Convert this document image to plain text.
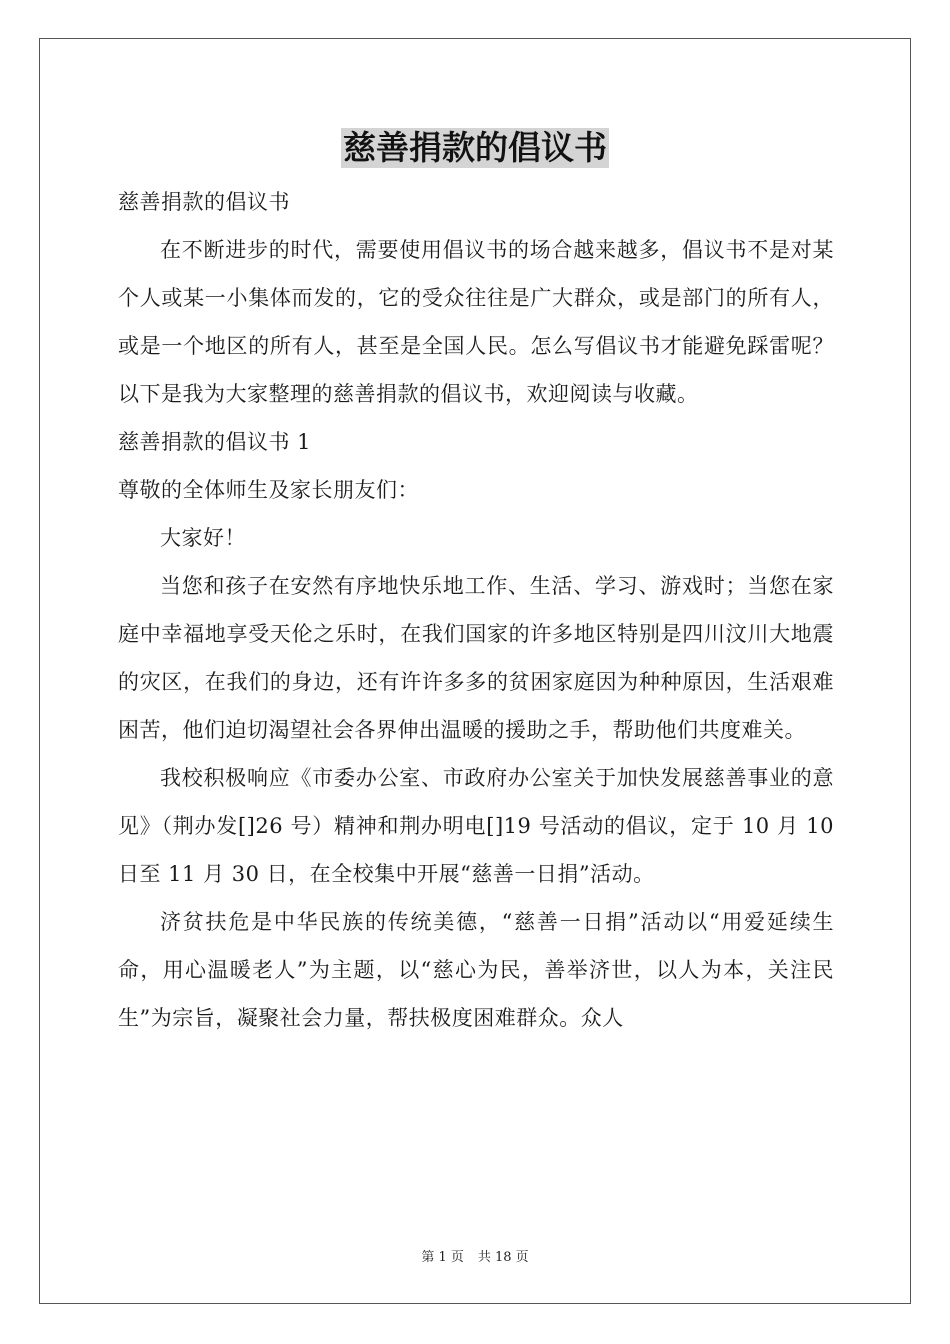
慈善捐款的倡议书

慈善捐款的倡议书

在不断进步的时代，需要使用倡议书的场合越来越多，倡议书不是对某个人或某一小集体而发的，它的受众往往是广大群众，或是部门的所有人，或是一个地区的所有人，甚至是全国人民。怎么写倡议书才能避免踩雷呢？以下是我为大家整理的慈善捐款的倡议书，欢迎阅读与收藏。

慈善捐款的倡议书 1

尊敬的全体师生及家长朋友们：

大家好！

当您和孩子在安然有序地快乐地工作、生活、学习、游戏时；当您在家庭中幸福地享受天伦之乐时，在我们国家的许多地区特别是四川汶川大地震的灾区，在我们的身边，还有许许多多的贫困家庭因为种种原因，生活艰难困苦，他们迫切渴望社会各界伸出温暖的援助之手，帮助他们共度难关。

我校积极响应《市委办公室、市政府办公室关于加快发展慈善事业的意见》（荆办发[]26 号）精神和荆办明电[]19 号活动的倡议，定于 10 月 10 日至 11 月 30 日，在全校集中开展“慈善一日捐”活动。

济贫扶危是中华民族的传统美德，“慈善一日捐”活动以“用爱延续生命，用心温暖老人”为主题，以“慈心为民，善举济世，以人为本，关注民生”为宗旨，凝聚社会力量，帮扶极度困难群众。众人

第 1 页 共 18 页
